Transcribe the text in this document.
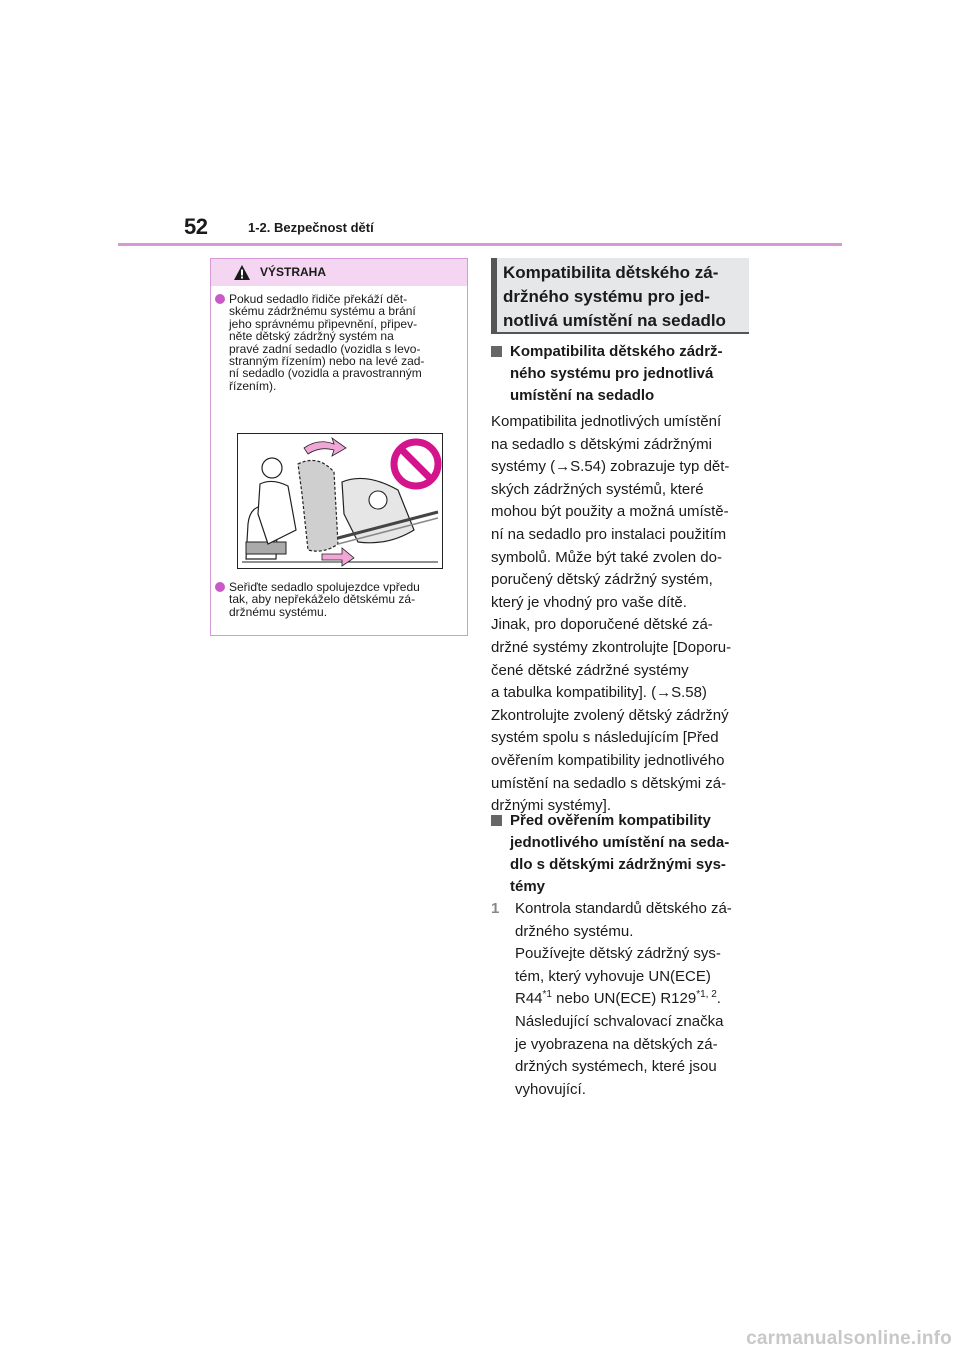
52	1-2. Bezpečnost dětí
VÝSTRAHA
Pokud sedadlo řidiče překáží dět-
skému zádržnému systému a brání
jeho správnému připevnění, připev-
něte dětský zádržný systém na
pravé zadní sedadlo (vozidla s levo-
stranným řízením) nebo na levé zad-
ní sedadlo (vozidla a pravostranným
řízením).
Seřiďte sedadlo spolujezdce vpředu
tak, aby nepřekáželo dětskému zá-
držnému systému.
Kompatibilita dětského zá-
držného systému pro jed-
notlivá umístění na sedadlo
Kompatibilita dětského zádrž-
ného systému pro jednotlivá
umístění na sedadlo
Kompatibilita jednotlivých umístění
na sedadlo s dětskými zádržnými
systémy (→S.54) zobrazuje typ dět-
ských zádržných systémů, které
mohou být použity a možná umístě-
ní na sedadlo pro instalaci použitím
symbolů. Může být také zvolen do-
poručený dětský zádržný systém,
který je vhodný pro vaše dítě.
Jinak, pro doporučené dětské zá-
držné systémy zkontrolujte [Doporu-
čené dětské zádržné systémy
a tabulka kompatibility]. (→S.58)
Zkontrolujte zvolený dětský zádržný
systém spolu s následujícím [Před
ověřením kompatibility jednotlivého
umístění na sedadlo s dětskými zá-
držnými systémy].
Před ověřením kompatibility
jednotlivého umístění na seda-
dlo s dětskými zádržnými sys-
témy
1 Kontrola standardů dětského zá-
držného systému.
Používejte dětský zádržný sys-
tém, který vyhovuje UN(ECE)
R44$^{*1}$ nebo UN(ECE) R129$^{*1, 2}$.
Následující schvalovací značka
je vyobrazena na dětských zá-
držných systémech, které jsou
vyhovující.
carmanualsonline.info
